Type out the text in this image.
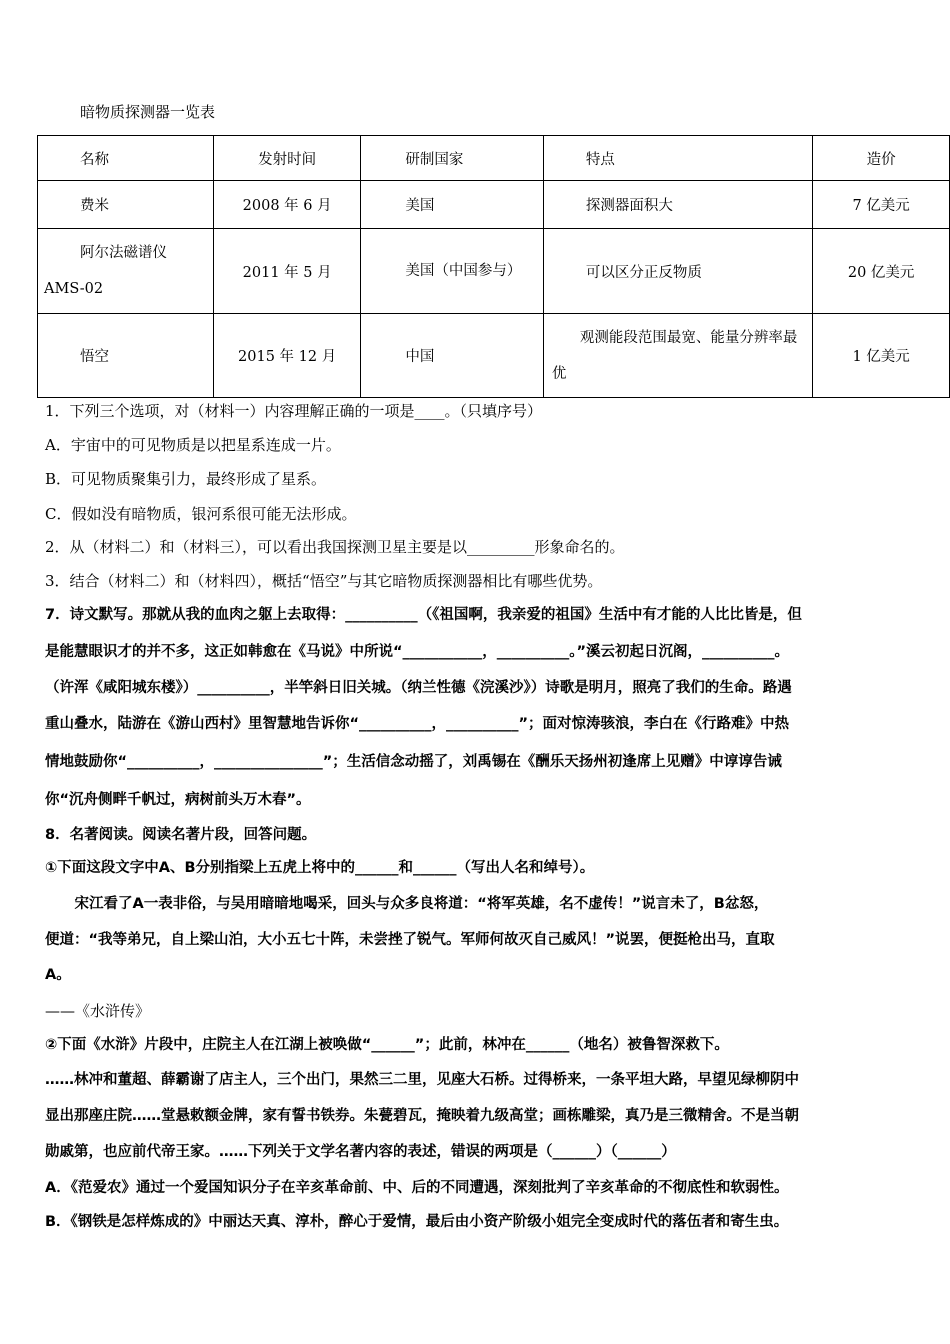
暗物质探测器一览表
名称	发射时间	研制国家	特点	造价
费米	2008 年 6 月	美国	探测器面积大	7 亿美元
阿尔法磁谱仪 AMS-02	2011 年 5 月	美国（中国参与）	可以区分正反物质	20 亿美元
悟空	2015 年 12 月	中国	观测能段范围最宽、能量分辨率最优	1 亿美元
1．下列三个选项，对（材料一）内容理解正确的一项是____。（只填序号）
A．宇宙中的可见物质是以把星系连成一片。
B．可见物质聚集引力，最终形成了星系。
C．假如没有暗物质，银河系很可能无法形成。
2．从（材料二）和（材料三），可以看出我国探测卫星主要是以_________形象命名的。
3．结合（材料二）和（材料四），概括“悟空”与其它暗物质探测器相比有哪些优势。
7．诗文默写。那就从我的血肉之躯上去取得：__________（《祖国啊，我亲爱的祖国》生活中有才能的人比比皆是，但
是能慧眼识才的并不多，这正如韩愈在《马说》中所说“___________，__________。”溪云初起日沉阁，__________。
（许浑《咸阳城东楼》）__________，半竿斜日旧关城。（纳兰性德《浣溪沙》）诗歌是明月，照亮了我们的生命。路遇
重山叠水，陆游在《游山西村》里智慧地告诉你“__________，__________”；面对惊涛骇浪，李白在《行路难》中热
情地鼓励你“__________，_______________”；生活信念动摇了，刘禹锡在《酬乐天扬州初逢席上见赠》中谆谆告诫
你“沉舟侧畔千帆过，病树前头万木春”。
8．名著阅读。阅读名著片段，回答问题。
①下面这段文字中A、B分别指梁上五虎上将中的______和______（写出人名和绰号）。
　宋江看了A一表非俗，与吴用暗暗地喝采，回头与众多良将道：“将军英雄，名不虚传！”说言未了，B忿怒，
便道：“我等弟兄，自上梁山泊，大小五七十阵，未尝挫了锐气。军师何故灭自己威风！”说罢，便挺枪出马，直取
A。
——《水浒传》
②下面《水浒》片段中，庄院主人在江湖上被唤做“______”；此前，林冲在______（地名）被鲁智深救下。
……林冲和董超、薛霸谢了店主人，三个出门，果然三二里，见座大石桥。过得桥来，一条平坦大路，早望见绿柳阴中
显出那座庄院……堂悬敕额金牌，家有誓书铁券。朱甍碧瓦，掩映着九级高堂；画栋雕梁，真乃是三微精舍。不是当朝
勋戚第，也应前代帝王家。……下列关于文学名著内容的表述，错误的两项是（______）（______）
A．《范爱农》通过一个爱国知识分子在辛亥革命前、中、后的不同遭遇，深刻批判了辛亥革命的不彻底性和软弱性。
B．《钢铁是怎样炼成的》中丽达天真、淳朴，醉心于爱情，最后由小资产阶级小姐完全变成时代的落伍者和寄生虫。
